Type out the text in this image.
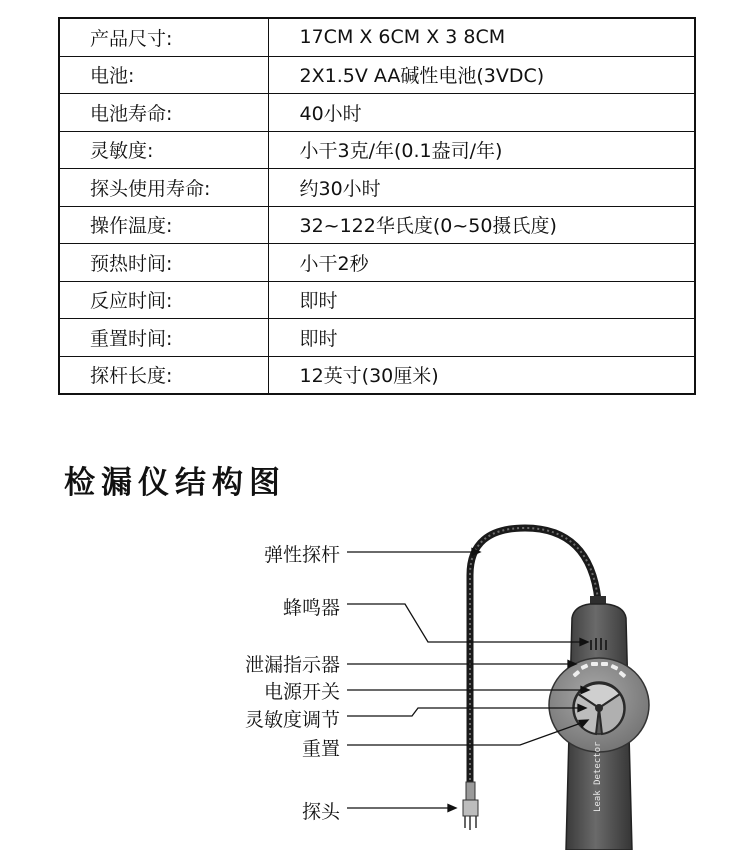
产品尺寸:	17CM X 6CM X 3 8CM
电池:	2X1.5V AA碱性电池(3VDC)
电池寿命:	40小时
灵敏度:	小干3克/年(0.1盎司/年)
探头使用寿命:	约30小时
操作温度:	32~122华氏度(0~50摄氏度)
预热时间:	小干2秒
反应时间:	即时
重置时间:	即时
探杆长度:	12英寸(30厘米)
检漏仪结构图
弹性探杆
蜂鸣器
泄漏指示器
电源开关
灵敏度调节
重置
探头	Leak Detector
